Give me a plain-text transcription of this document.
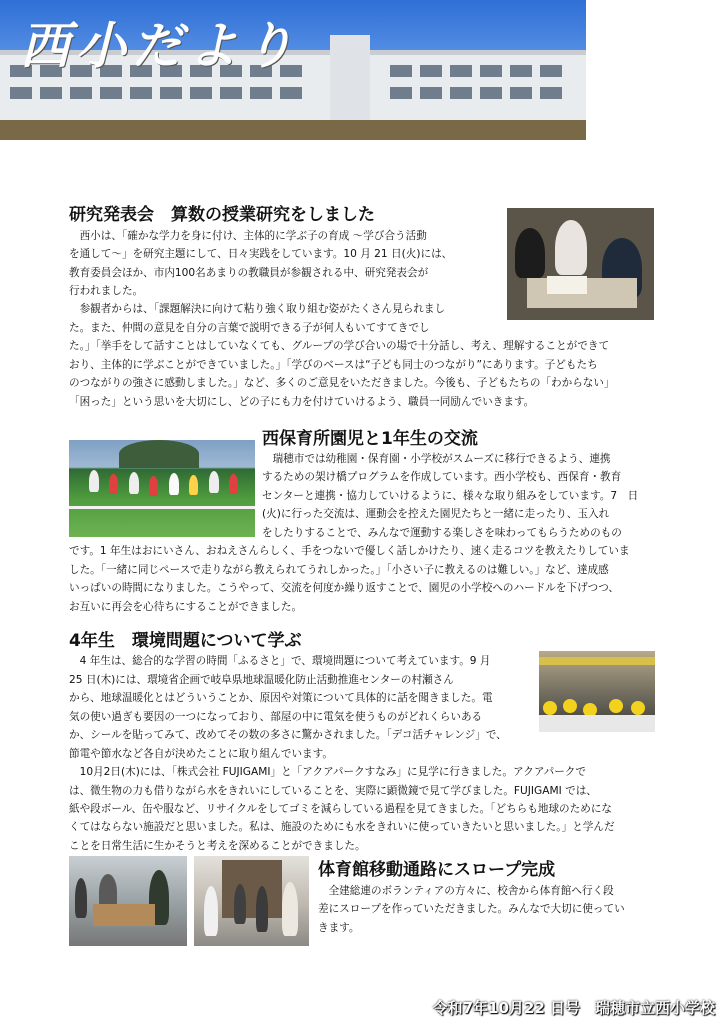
西小だより
令和7年10月22 日号　瑞穂市立西小学校
研究発表会　算数の授業研究をしました

　西小は、「確かな学力を身に付け、主体的に学ぶ子の育成 ～学び合う活動

を通して～」を研究主題にして、日々実践をしています。10 月 21 日(火)には、

教育委員会ほか、市内100名あまりの教職員が参観される中、研究発表会が

行われました。

　参観者からは、「課題解決に向けて粘り強く取り組む姿がたくさん見られまし

た。また、仲間の意見を自分の言葉で説明できる子が何人もいてすてきでし

た。」「挙手をして話すことはしていなくても、グループの学び合いの場で十分話し、考え、理解することができて

おり、主体的に学ぶことができていました。」「学びのベースは“子ども同士のつながり”にあります。子どもたち

のつながりの強さに感動しました。」など、多くのご意見をいただきました。今後も、子どもたちの「わからない」

「困った」という思いを大切にし、どの子にも力を付けていけるよう、職員一同励んでいきます。

西保育所園児と1年生の交流

　瑞穂市では幼稚園・保育園・小学校がスムーズに移行できるよう、連携

するための架け橋プログラムを作成しています。西小学校も、西保育・教育

センターと連携・協力していけるように、様々な取り組みをしています。7　日

(火)に行った交流は、運動会を控えた園児たちと一緒に走ったり、玉入れ

をしたりすることで、みんなで運動する楽しさを味わってもらうためのもの

です。1 年生はおにいさん、おねえさんらしく、手をつないで優しく話しかけたり、速く走るコツを教えたりしていま

した。「一緒に同じペースで走りながら教えられてうれしかった。」「小さい子に教えるのは難しい。」など、達成感

いっぱいの時間になりました。こうやって、交流を何度か繰り返すことで、園児の小学校へのハードルを下げつつ、

お互いに再会を心待ちにすることができました。

4年生　環境問題について学ぶ

　4 年生は、総合的な学習の時間「ふるさと」で、環境問題について考えています。9 月

25 日(木)には、環境省企画で岐阜県地球温暖化防止活動推進センターの村瀬さん

から、地球温暖化とはどういうことか、原因や対策について具体的に話を聞きました。電

気の使い過ぎも要因の一つになっており、部屋の中に電気を使うものがどれくらいある

か、シールを貼ってみて、改めてその数の多さに驚かされました。「デコ活チャレンジ」で、

節電や節水など各自が決めたことに取り組んでいます。

　10月2日(木)には、「株式会社 FUJIGAMI」と「アクアパークすなみ」に見学に行きました。アクアパークで

は、微生物の力も借りながら水をきれいにしていることを、実際に顕微鏡で見て学びました。FUJIGAMI では、

紙や段ボール、缶や服など、リサイクルをしてゴミを減らしている過程を見てきました。「どちらも地球のためにな

くてはならない施設だと思いました。私は、施設のためにも水をきれいに使っていきたいと思いました。」と学んだ

ことを日常生活に生かそうと考えを深めることができました。

体育館移動通路にスロープ完成

　全建総連のボランティアの方々に、校舎から体育館へ行く段

差にスロープを作っていただきました。みんなで大切に使ってい

きます。
